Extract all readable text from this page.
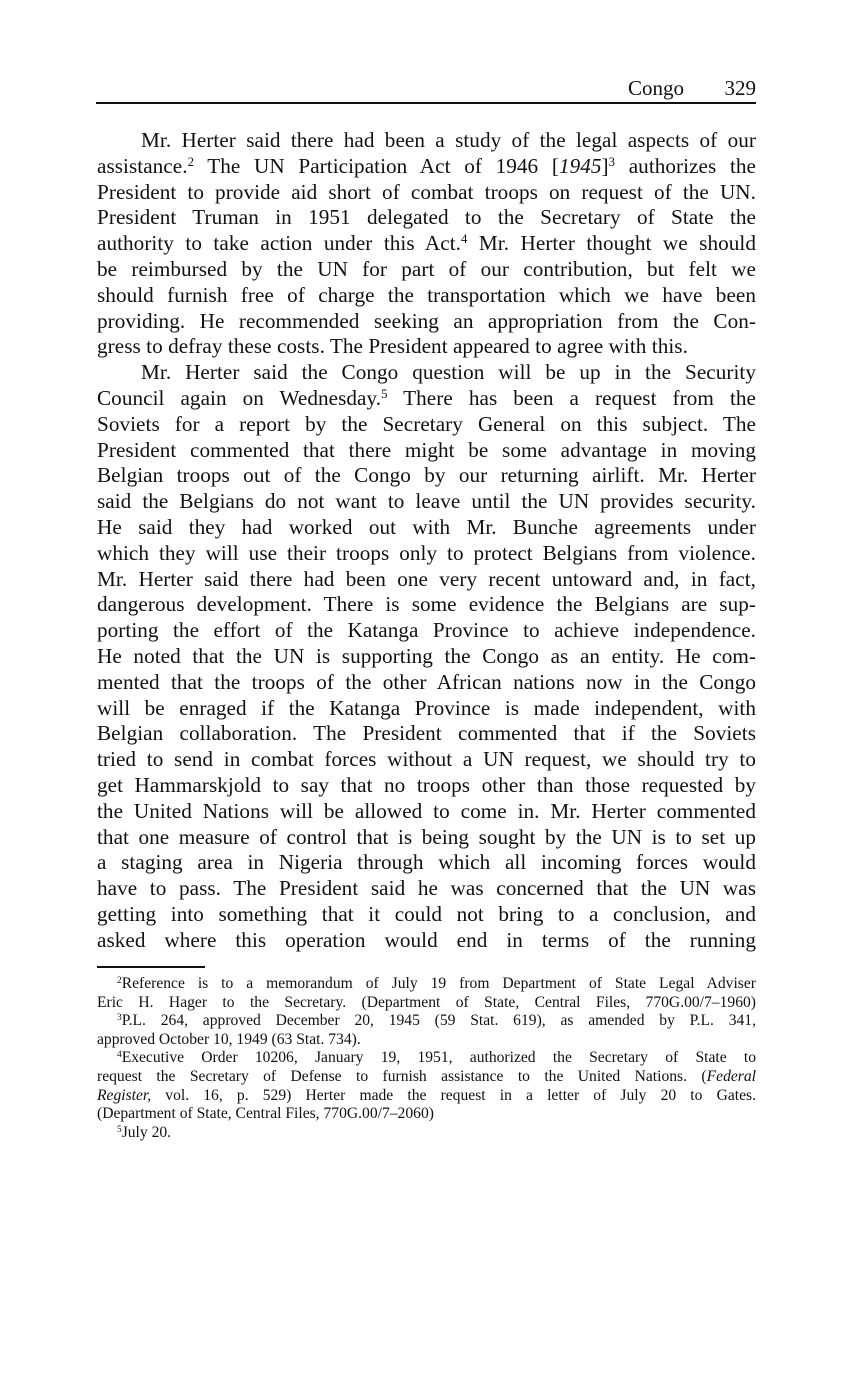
Congo 329
Mr. Herter said there had been a study of the legal aspects of our
assistance.$^2$ The UN Participation Act of 1946 $[1945]^3$ authorizes the
President to provide aid short of combat troops on request of the UN.
President Truman in 1951 delegated to the Secretary of State the
authority to take action under this Act.$^4$ Mr. Herter thought we should
be reimbursed by the UN for part of our contribution, but felt we
should furnish free of charge the transportation which we have been
providing. He recommended seeking an appropriation from the Con-
gress to defray these costs. The President appeared to agree with this.
Mr. Herter said the Congo question will be up in the Security
Council again on Wednesday.$^5$ There has been a request from the
Soviets for a report by the Secretary General on this subject. The
President commented that there might be some advantage in moving
Belgian troops out of the Congo by our returning airlift. Mr. Herter
said the Belgians do not want to leave until the UN provides security.
He said they had worked out with Mr. Bunche agreements under
which they will use their troops only to protect Belgians from violence.
Mr. Herter said there had been one very recent untoward and, in fact,
dangerous development. There is some evidence the Belgians are sup-
porting the effort of the Katanga Province to achieve independence.
He noted that the UN is supporting the Congo as an entity. He com-
mented that the troops of the other African nations now in the Congo
will be enraged if the Katanga Province is made independent, with
Belgian collaboration. The President commented that if the Soviets
tried to send in combat forces without a UN request, we should try to
get Hammarskjold to say that no troops other than those requested by
the United Nations will be allowed to come in. Mr. Herter commented
that one measure of control that is being sought by the UN is to set up
a staging area in Nigeria through which all incoming forces would
have to pass. The President said he was concerned that the UN was
getting into something that it could not bring to a conclusion, and
asked where this operation would end in terms of the running
$^2$Reference is to a memorandum of July 19 from Department of State Legal Adviser
Eric H. Hager to the Secretary. (Department of State, Central Files, 770G.00/7–1960)
$^3$P.L. 264, approved December 20, 1945 (59 Stat. 619), as amended by P.L. 341,
approved October 10, 1949 (63 Stat. 734).
$^4$Executive Order 10206, January 19, 1951, authorized the Secretary of State to
request the Secretary of Defense to furnish assistance to the United Nations. (Federal
Register, vol. 16, p. 529) Herter made the request in a letter of July 20 to Gates.
(Department of State, Central Files, 770G.00/7–2060)
$^5$July 20.
